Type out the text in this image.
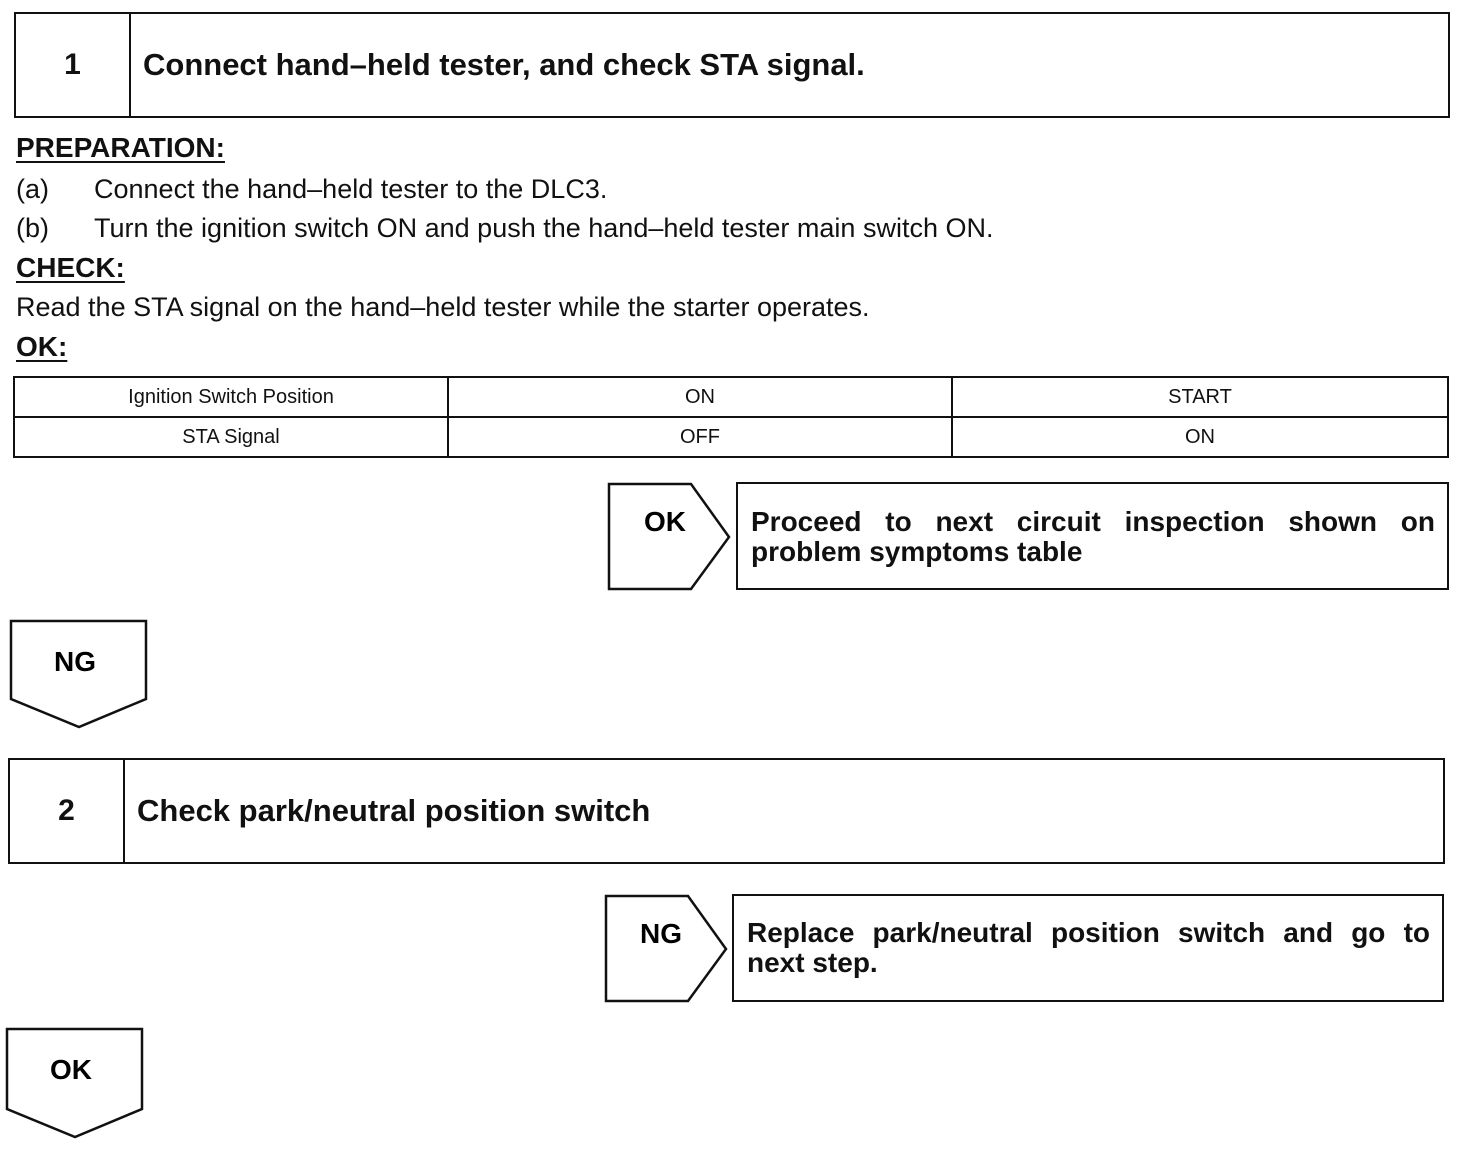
1	Connect hand–held tester, and check STA signal.
PREPARATION:
(a) Connect the hand–held tester to the DLC3.
(b) Turn the ignition switch ON and push the hand–held tester main switch ON.
CHECK:
Read the STA signal on the hand–held tester while the starter operates.
OK:
Ignition Switch Position	ON	START
STA Signal	OFF	ON
OK	Proceed to next circuit inspection shown on problem symptoms table
NG
2	Check park/neutral position switch
NG	Replace park/neutral position switch and go to next step.
OK
